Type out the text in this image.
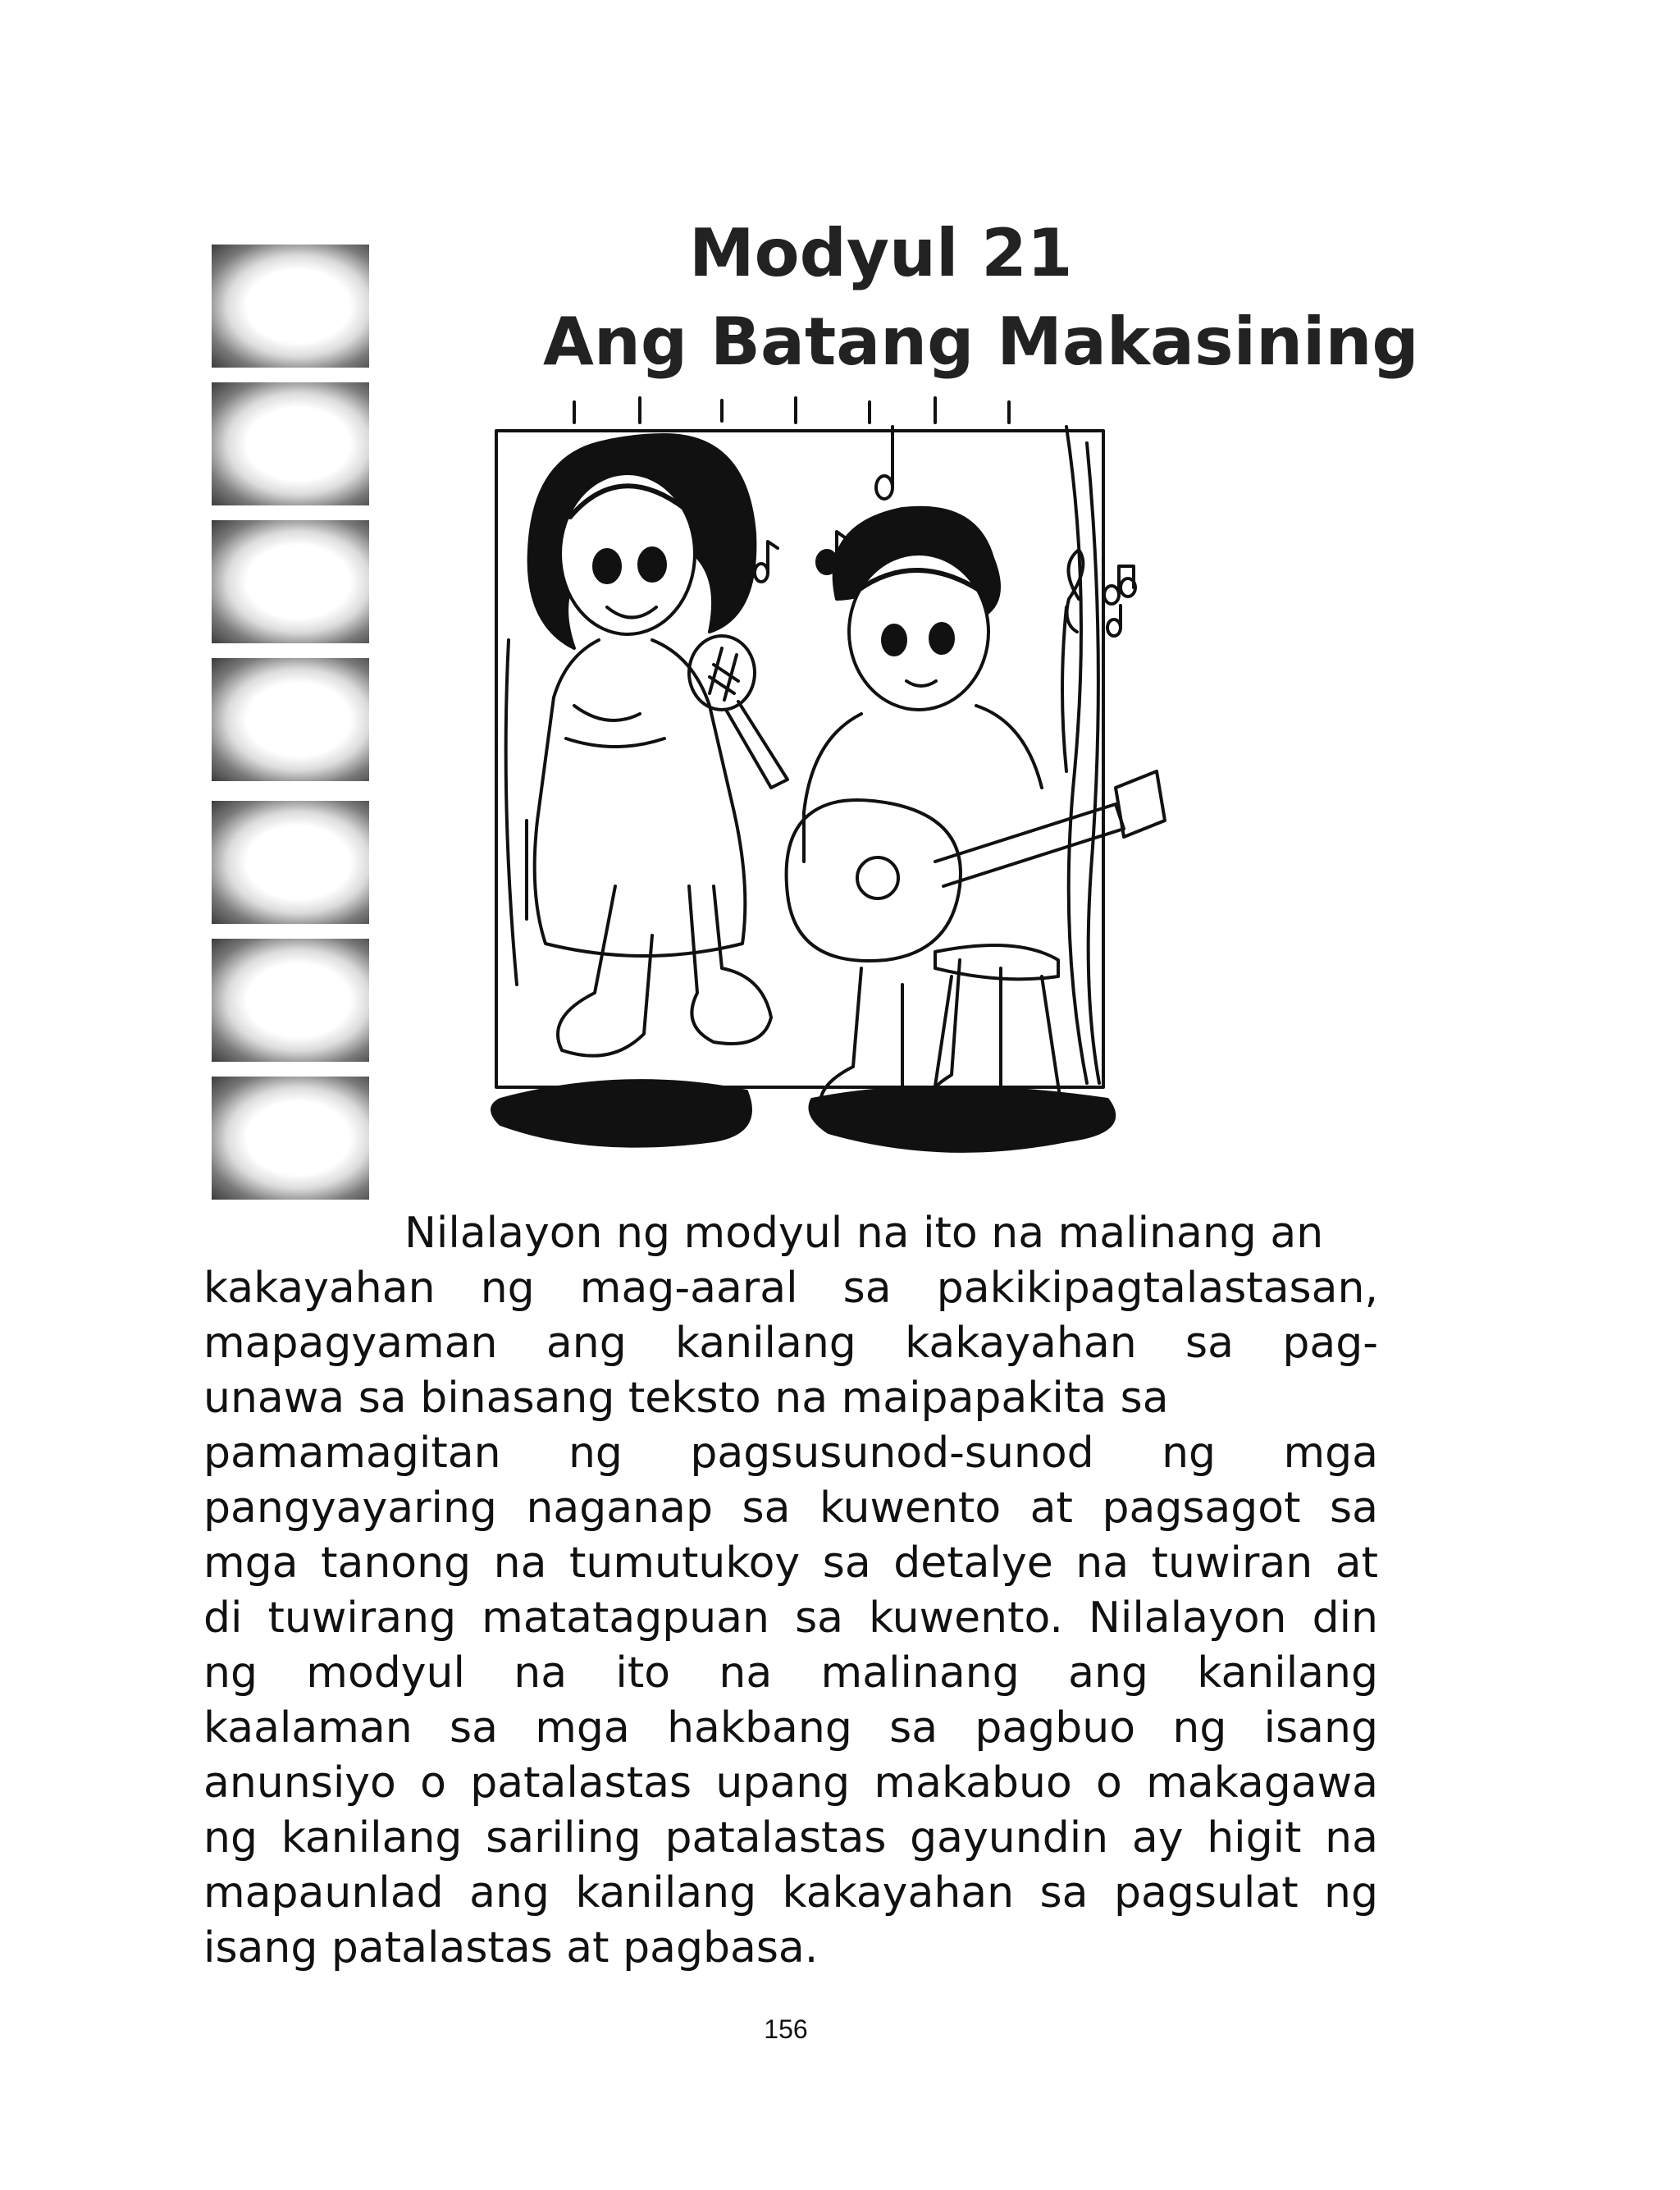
Modyul 21
Ang Batang Makasining
Nilalayon ng modyul na ito na malinang an
kakayahan ng mag-aaral sa pakikipagtalastasan,
mapagyaman ang kanilang kakayahan sa pag-
unawa sa binasang teksto na maipapakita sa
pamamagitan ng pagsusunod-sunod ng mga
pangyayaring naganap sa kuwento at pagsagot sa
mga tanong na tumutukoy sa detalye na tuwiran at
di tuwirang matatagpuan sa kuwento. Nilalayon din
ng modyul na ito na malinang ang kanilang
kaalaman sa mga hakbang sa pagbuo ng isang
anunsiyo o patalastas upang makabuo o makagawa
ng kanilang sariling patalastas gayundin ay higit na
mapaunlad ang kanilang kakayahan sa pagsulat ng
isang patalastas at pagbasa.
156
